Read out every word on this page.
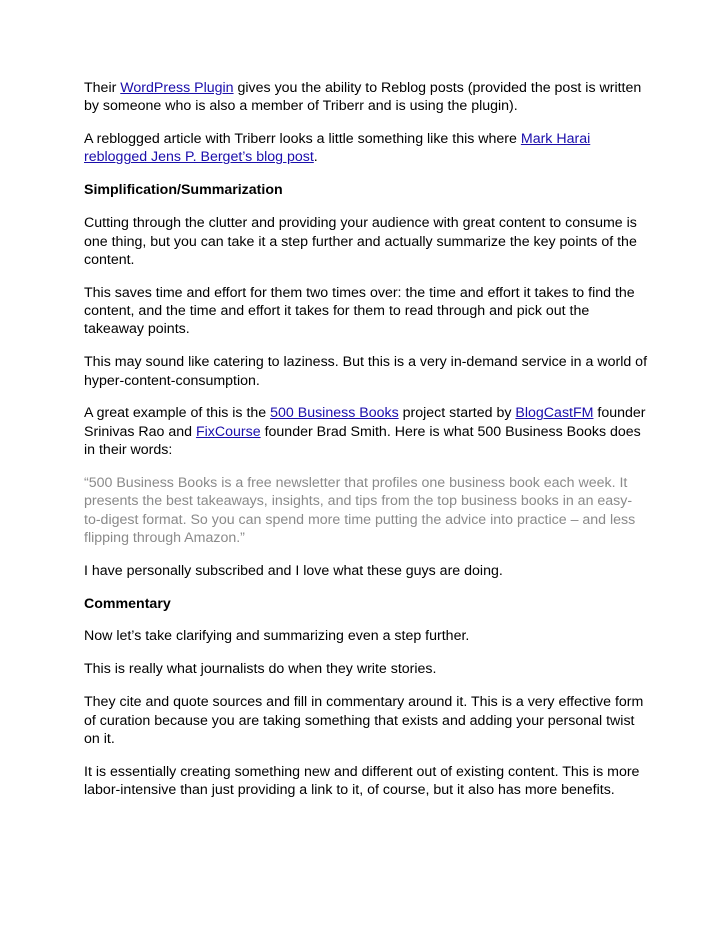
Their WordPress Plugin gives you the ability to Reblog posts (provided the post is written by someone who is also a member of Triberr and is using the plugin).

A reblogged article with Triberr looks a little something like this where Mark Harai reblogged Jens P. Berget’s blog post.

Simplification/Summarization

Cutting through the clutter and providing your audience with great content to consume is one thing, but you can take it a step further and actually summarize the key points of the content.

This saves time and effort for them two times over: the time and effort it takes to find the content, and the time and effort it takes for them to read through and pick out the takeaway points.

This may sound like catering to laziness. But this is a very in-demand service in a world of hyper-content-consumption.

A great example of this is the 500 Business Books project started by BlogCastFM founder Srinivas Rao and FixCourse founder Brad Smith. Here is what 500 Business Books does in their words:

“500 Business Books is a free newsletter that profiles one business book each week. It presents the best takeaways, insights, and tips from the top business books in an easy-to-digest format. So you can spend more time putting the advice into practice – and less flipping through Amazon.”

I have personally subscribed and I love what these guys are doing.

Commentary

Now let’s take clarifying and summarizing even a step further.

This is really what journalists do when they write stories.

They cite and quote sources and fill in commentary around it. This is a very effective form of curation because you are taking something that exists and adding your personal twist on it.

It is essentially creating something new and different out of existing content. This is more labor-intensive than just providing a link to it, of course, but it also has more benefits.
